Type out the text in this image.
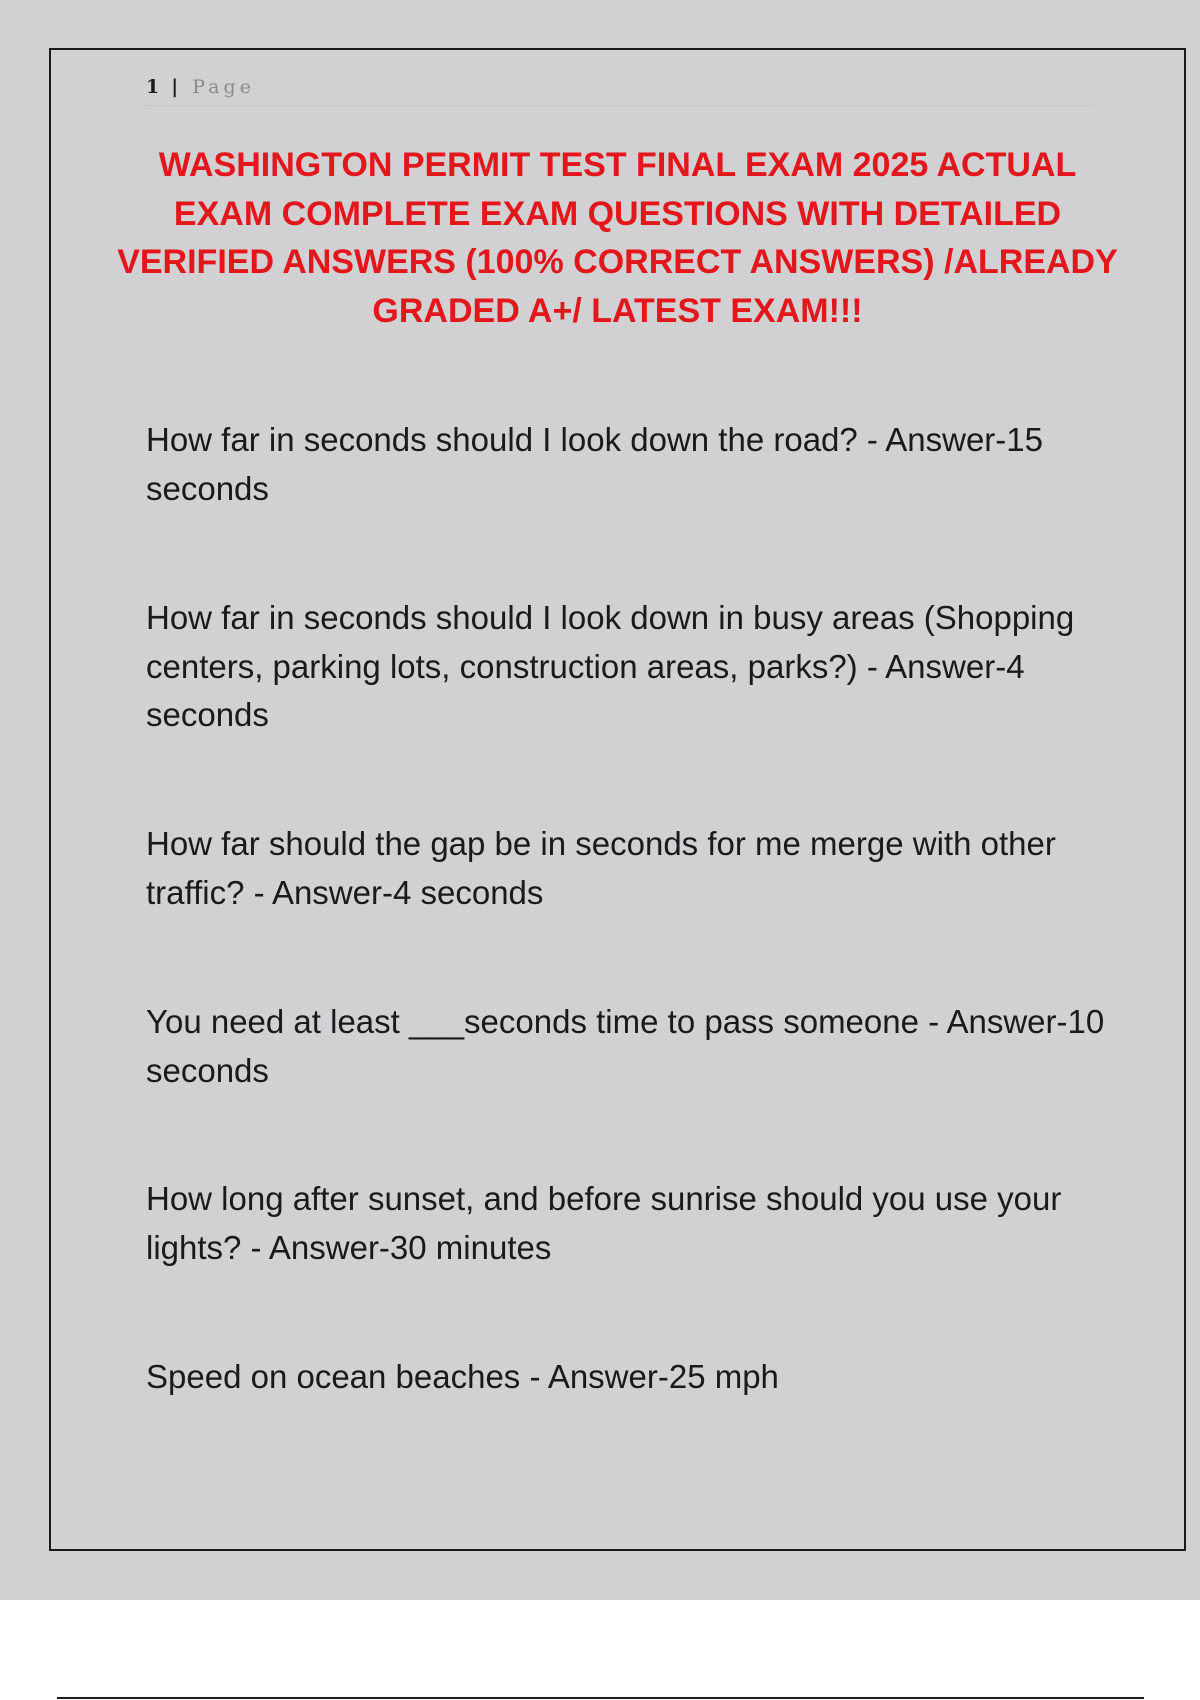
1 | Page
WASHINGTON PERMIT TEST FINAL EXAM 2025 ACTUAL EXAM COMPLETE EXAM QUESTIONS WITH DETAILED VERIFIED ANSWERS (100% CORRECT ANSWERS) /ALREADY GRADED A+/ LATEST EXAM!!!
How far in seconds should I look down the road? - Answer-15 seconds
How far in seconds should I look down in busy areas (Shopping centers, parking lots, construction areas, parks?) - Answer-4 seconds
How far should the gap be in seconds for me merge with other traffic? - Answer-4 seconds
You need at least ___seconds time to pass someone - Answer-10 seconds
How long after sunset, and before sunrise should you use your lights? - Answer-30 minutes
Speed on ocean beaches - Answer-25 mph
